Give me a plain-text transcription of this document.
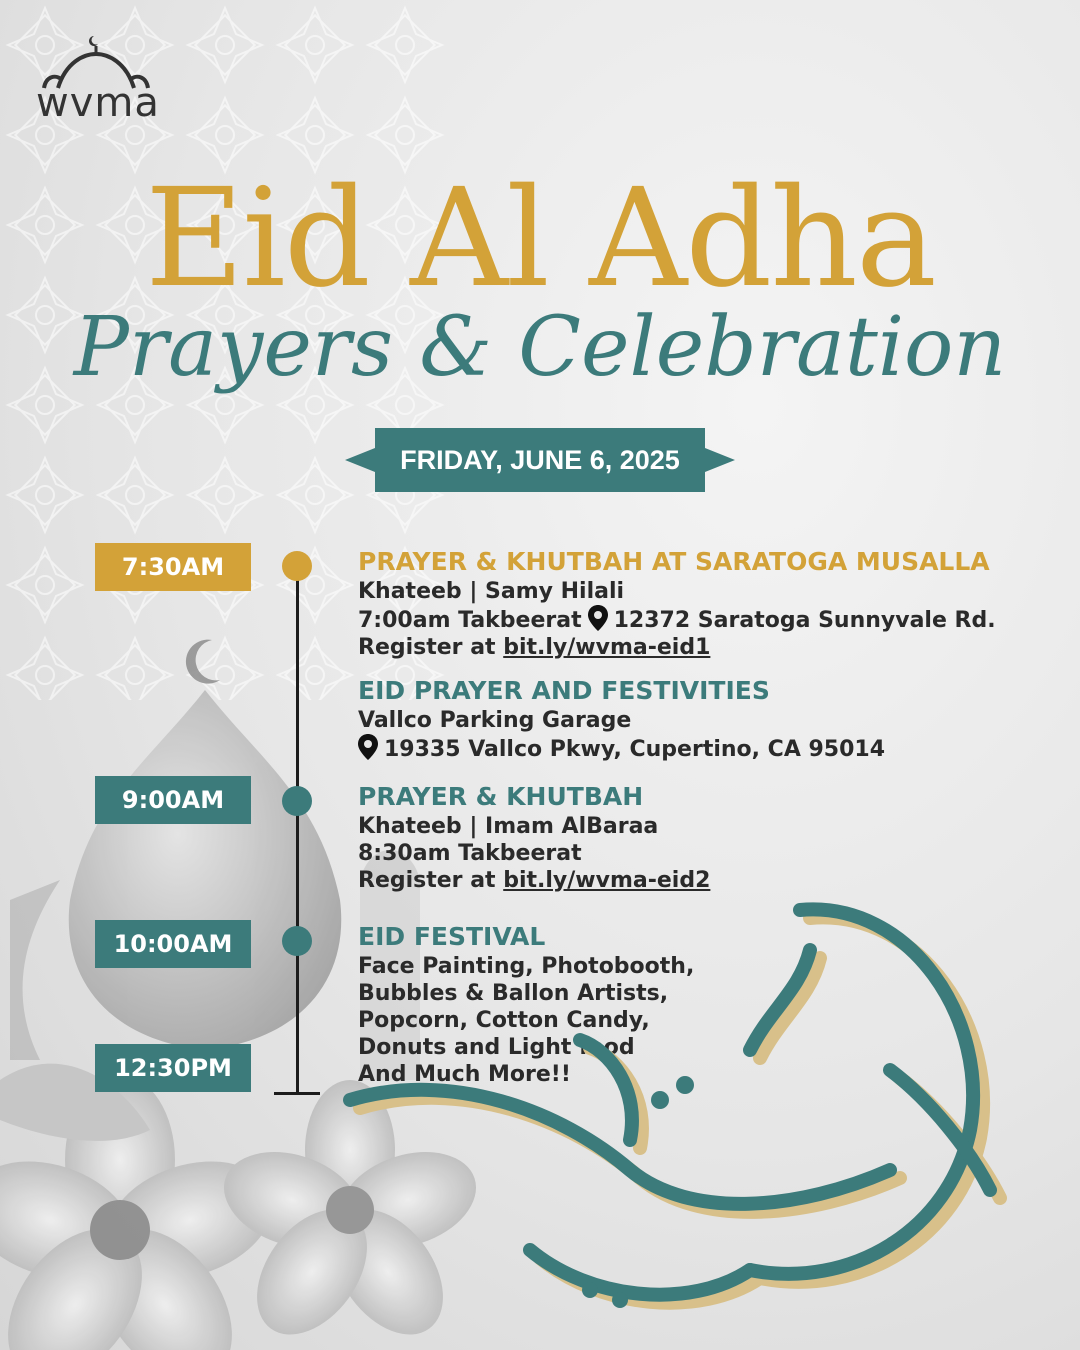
wvma
Eid Al Adha
Prayers & Celebration
FRIDAY, JUNE 6, 2025
7:30AM
9:00AM
10:00AM
12:30PM
PRAYER & KHUTBAH AT SARATOGA MUSALLA
Khateeb | Samy Hilali
7:00am Takbeerat 12372 Saratoga Sunnyvale Rd.
Register at bit.ly/wvma-eid1
EID PRAYER AND FESTIVITIES
Vallco Parking Garage
19335 Vallco Pkwy, Cupertino, CA 95014
PRAYER & KHUTBAH
Khateeb | Imam AlBaraa
8:30am Takbeerat
Register at bit.ly/wvma-eid2
EID FESTIVAL
Face Painting, Photobooth,
Bubbles & Ballon Artists,
Popcorn, Cotton Candy,
Donuts and Light food
And Much More!!
